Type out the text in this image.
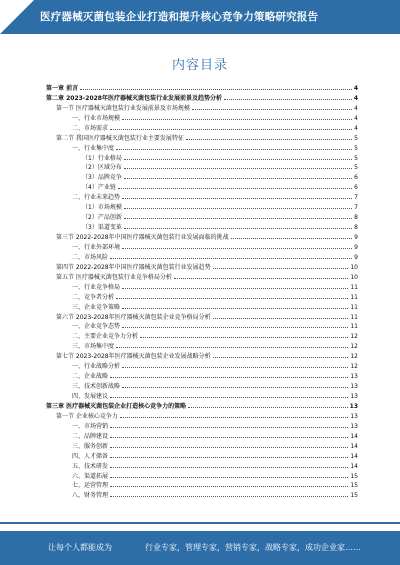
医疗器械灭菌包装企业打造和提升核心竞争力策略研究报告
内容目录
第一章 前言	4
第二章 2023-2028年医疗器械灭菌包装行业发展前景及趋势分析	4
第一节 医疗器械灭菌包装行业发展前景及市场规模	4
一、行业市场规模	4
二、市场需求	4
第二节 我国医疗器械灭菌包装行业主要发展特征	5
一、行业集中度	5
（1）行业格局	5
（2）区域分布	5
（3）品牌竞争	6
（4）产业链	6
二、行业未来趋势	7
（1）市场规模	7
（2）产品创新	8
（3）渠道变革	8
第三节 2022-2028年中国医疗器械灭菌包装行业发展面临的挑战	9
一、行业外部环境	9
二、市场风险	9
第四节 2022-2028年中国医疗器械灭菌包装行业发展趋势	10
第五节 医疗器械灭菌包装行业竞争格局分析	10
一、行业竞争格局	11
二、竞争者分析	11
三、企业竞争策略	11
第六节 2023-2028年医疗器械灭菌包装企业竞争格局分析	11
一、企业竞争态势	11
二、主要企业竞争力分析	12
三、市场集中度	12
第七节 2023-2028年医疗器械灭菌包装企业发展战略分析	12
一、行业战略分析	12
二、企业战略	13
三、技术创新战略	13
四、发展建议	13
第三章 医疗器械灭菌包装企业打造核心竞争力的策略	13
第一节 企业核心竞争力	13
一、市场营销	13
二、品牌建设	14
三、服务创新	14
四、人才储备	14
五、技术研发	14
六、渠道拓展	15
七、运营管理	15
八、财务管理	15
让每个人都能成为	行业专家，管理专家，营销专家，战略专家，成功企业家……
